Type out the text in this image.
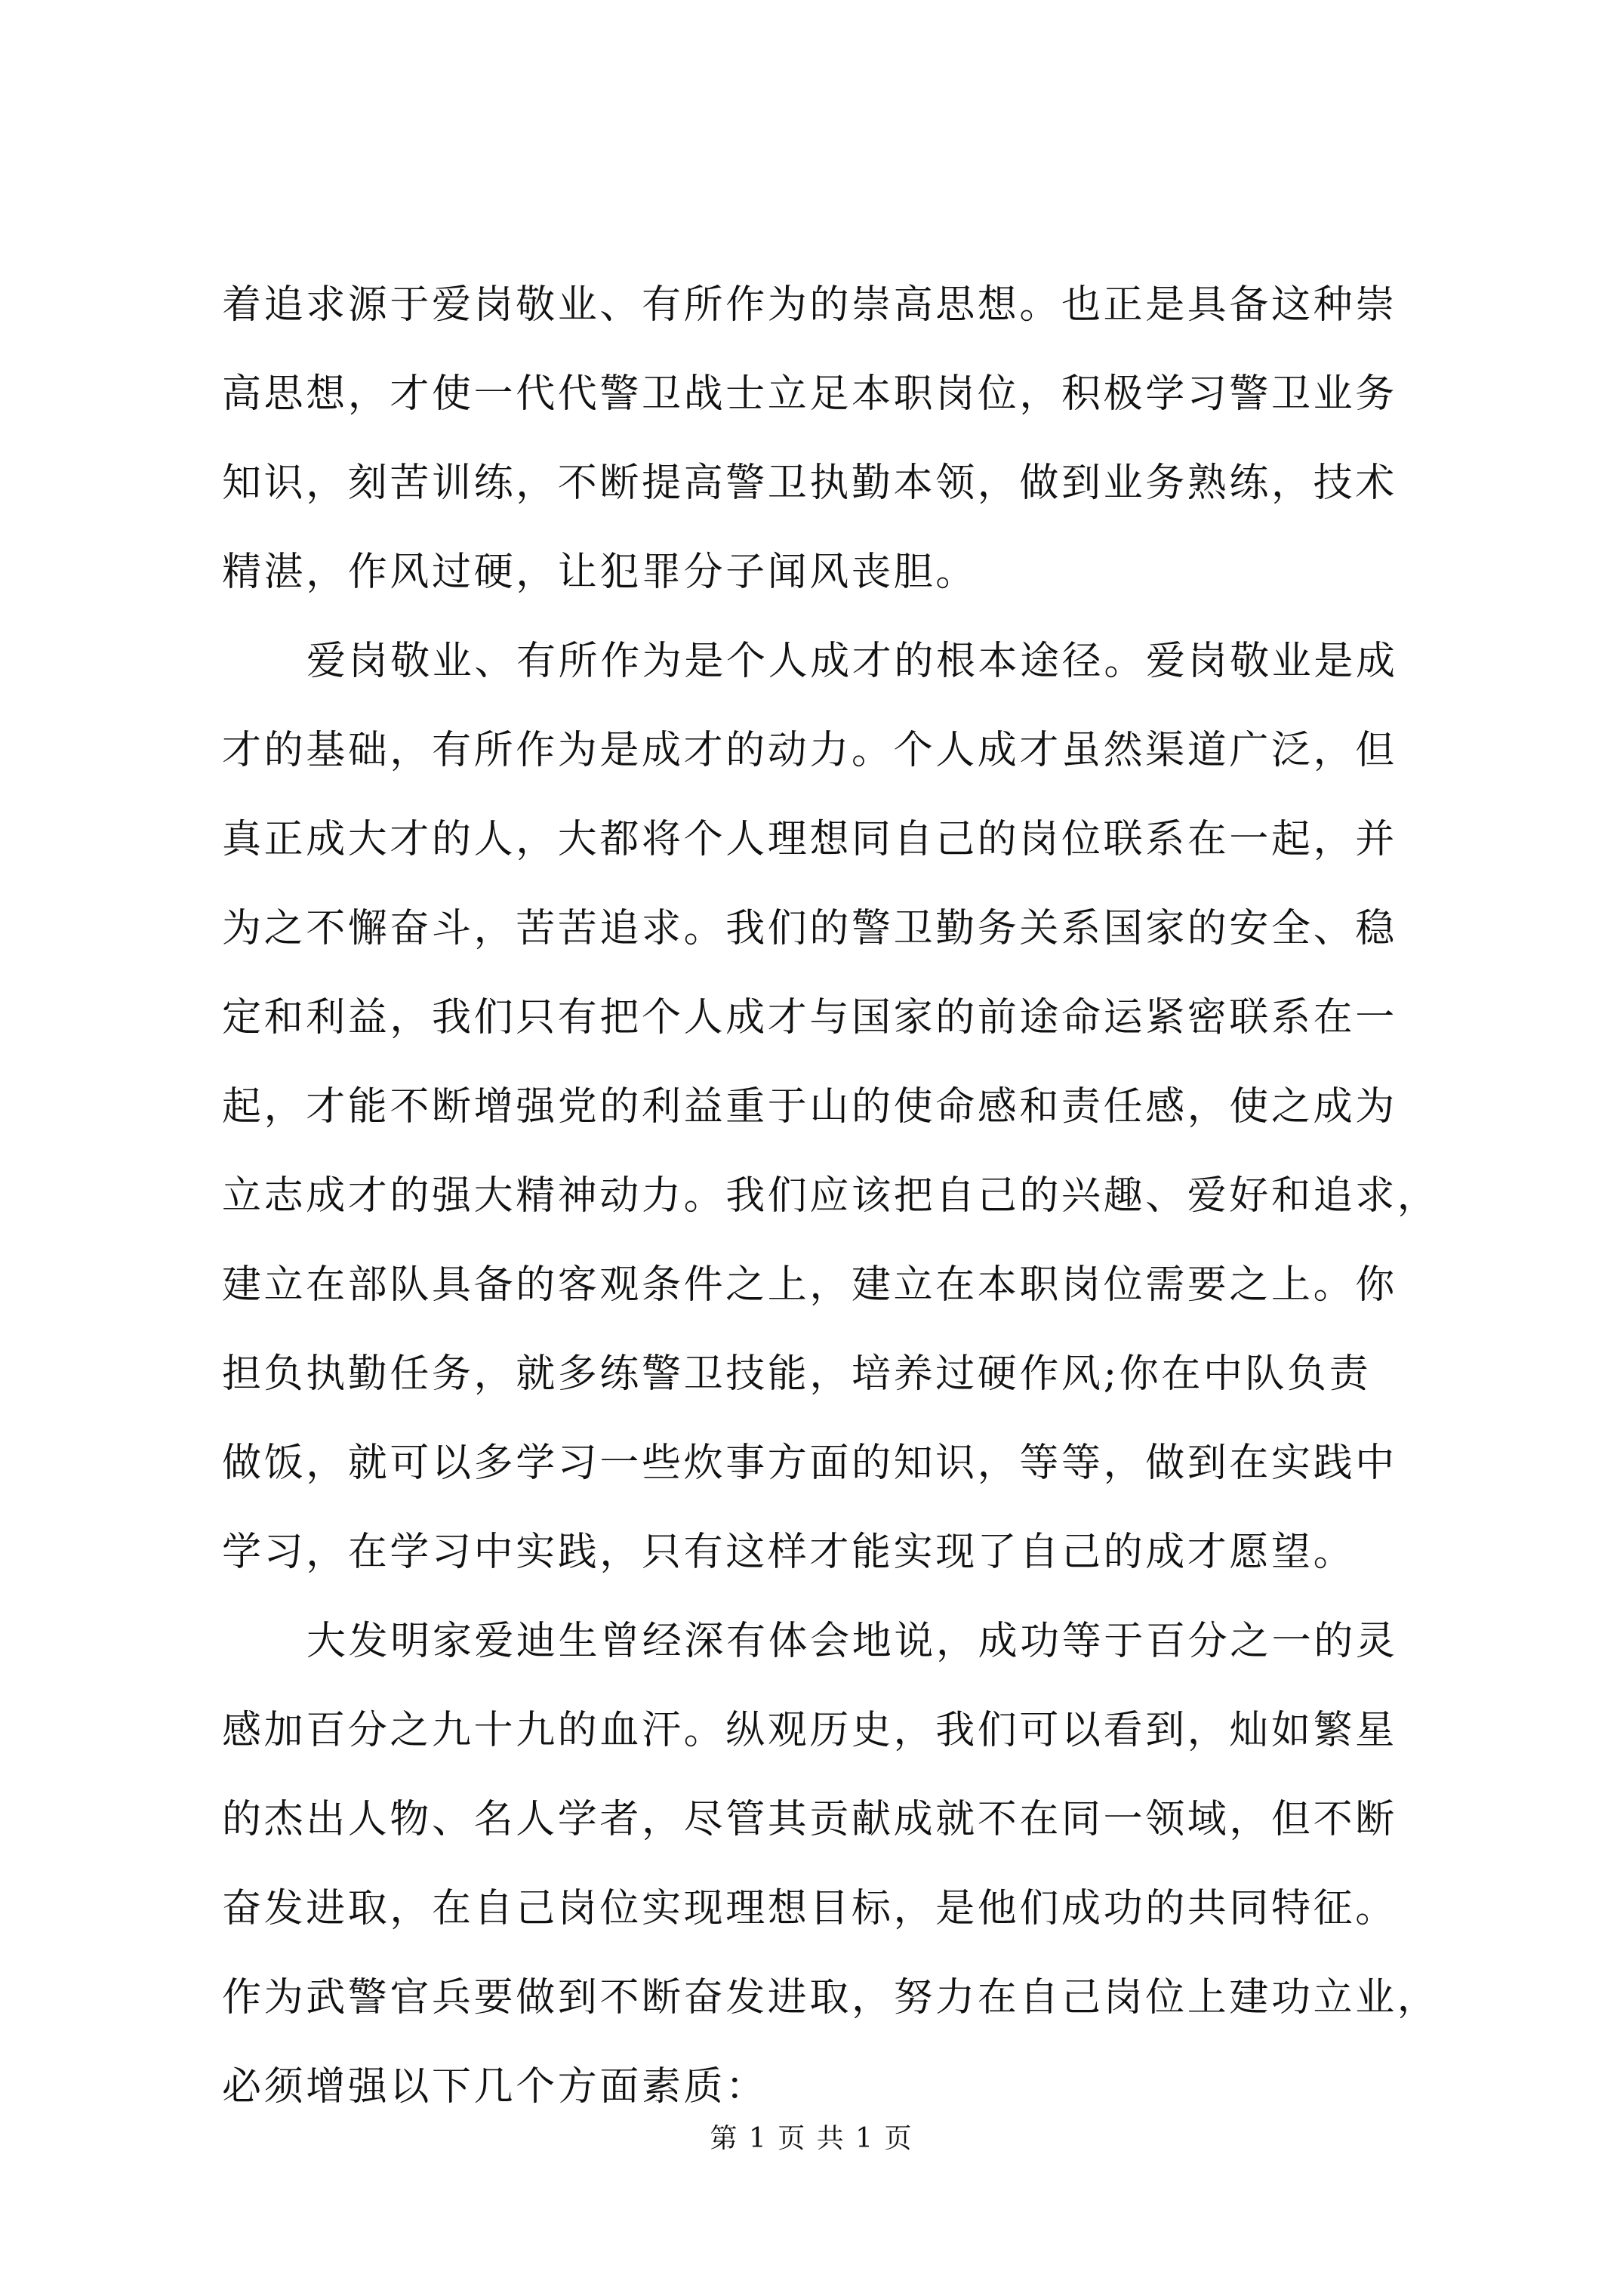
着追求源于爱岗敬业、有所作为的崇高思想。也正是具备这种崇
高思想，才使一代代警卫战士立足本职岗位，积极学习警卫业务
知识，刻苦训练，不断提高警卫执勤本领，做到业务熟练，技术
精湛，作风过硬，让犯罪分子闻风丧胆。
爱岗敬业、有所作为是个人成才的根本途径。爱岗敬业是成
才的基础，有所作为是成才的动力。个人成才虽然渠道广泛，但
真正成大才的人，大都将个人理想同自己的岗位联系在一起，并
为之不懈奋斗，苦苦追求。我们的警卫勤务关系国家的安全、稳
定和利益，我们只有把个人成才与国家的前途命运紧密联系在一
起，才能不断增强党的利益重于山的使命感和责任感，使之成为
立志成才的强大精神动力。我们应该把自己的兴趣、爱好和追求，
建立在部队具备的客观条件之上，建立在本职岗位需要之上。你
担负执勤任务，就多练警卫技能，培养过硬作风;你在中队负责
做饭，就可以多学习一些炊事方面的知识，等等，做到在实践中
学习，在学习中实践，只有这样才能实现了自己的成才愿望。
大发明家爱迪生曾经深有体会地说，成功等于百分之一的灵
感加百分之九十九的血汗。纵观历史，我们可以看到，灿如繁星
的杰出人物、名人学者，尽管其贡献成就不在同一领域，但不断
奋发进取，在自己岗位实现理想目标，是他们成功的共同特征。
作为武警官兵要做到不断奋发进取，努力在自己岗位上建功立业，
必须增强以下几个方面素质：
第 1 页 共 1 页
